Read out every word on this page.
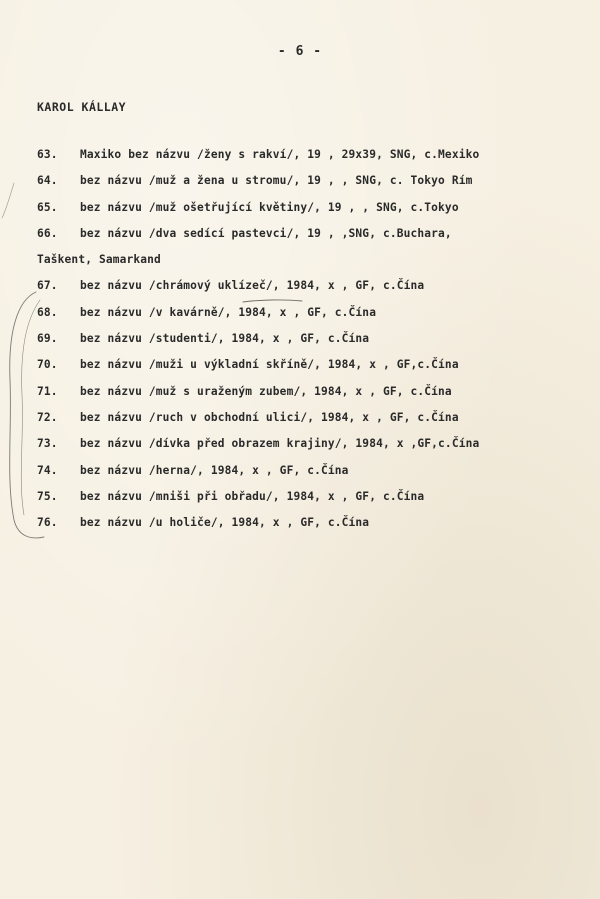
- 6 -
KAROL KÁLLAY
63. Maxiko bez názvu /ženy s rakví/, 19 , 29x39, SNG, c.Mexiko
64. bez názvu /muž a žena u stromu/, 19 , , SNG, c. Tokyo Rím
65. bez názvu /muž ošetřující květiny/, 19 , , SNG, c.Tokyo
66. bez názvu /dva sedící pastevci/, 19 , ,SNG, c.Buchara,
Taškent, Samarkand
67. bez názvu /chrámový uklízeč/, 1984, x , GF, c.Čína
68. bez názvu /v kavárně/, 1984, x , GF, c.Čína
69. bez názvu /studenti/, 1984, x , GF, c.Čína
70. bez názvu /muži u výkladní skříně/, 1984, x , GF,c.Čína
71. bez názvu /muž s uraženým zubem/, 1984, x , GF, c.Čína
72. bez názvu /ruch v obchodní ulici/, 1984, x , GF, c.Čína
73. bez názvu /dívka před obrazem krajiny/, 1984, x ,GF,c.Čína
74. bez názvu /herna/, 1984, x , GF, c.Čína
75. bez názvu /mniši při obřadu/, 1984, x , GF, c.Čína
76. bez názvu /u holiče/, 1984, x , GF, c.Čína
